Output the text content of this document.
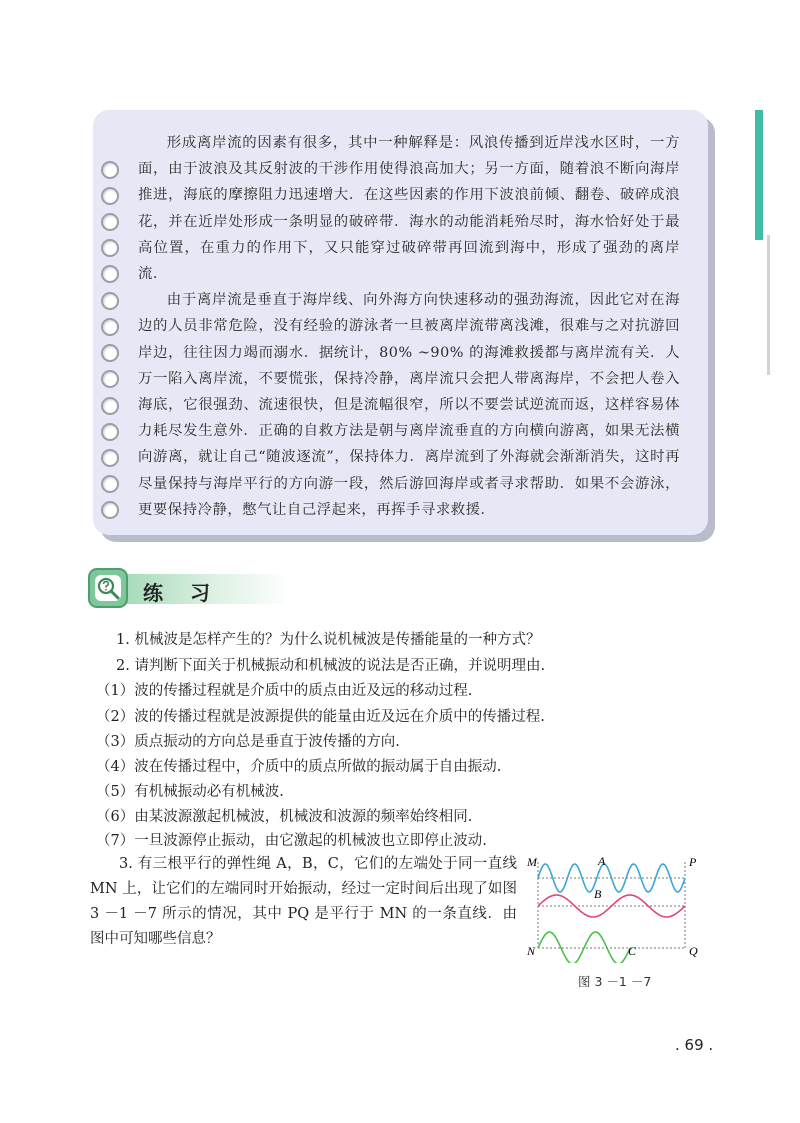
形成离岸流的因素有很多，其中一种解释是：风浪传播到近岸浅水区时，一方面，由于波浪及其反射波的干涉作用使得浪高加大；另一方面，随着浪不断向海岸推进，海底的摩擦阻力迅速增大．在这些因素的作用下波浪前倾、翻卷、破碎成浪花，并在近岸处形成一条明显的破碎带．海水的动能消耗殆尽时，海水恰好处于最高位置，在重力的作用下，又只能穿过破碎带再回流到海中，形成了强劲的离岸流．

由于离岸流是垂直于海岸线、向外海方向快速移动的强劲海流，因此它对在海边的人员非常危险，没有经验的游泳者一旦被离岸流带离浅滩，很难与之对抗游回岸边，往往因力竭而溺水．据统计，80% ~90% 的海滩救援都与离岸流有关．人万一陷入离岸流，不要慌张，保持冷静，离岸流只会把人带离海岸，不会把人卷入海底，它很强劲、流速很快，但是流幅很窄，所以不要尝试逆流而返，这样容易体力耗尽发生意外．正确的自救方法是朝与离岸流垂直的方向横向游离，如果无法横向游离，就让自己“随波逐流”，保持体力．离岸流到了外海就会渐渐消失，这时再尽量保持与海岸平行的方向游一段，然后游回海岸或者寻求帮助．如果不会游泳，更要保持冷静，憋气让自己浮起来，再挥手寻求救援．

练 习
1. 机械波是怎样产生的？为什么说机械波是传播能量的一种方式？
2. 请判断下面关于机械振动和机械波的说法是否正确，并说明理由.
（1）波的传播过程就是介质中的质点由近及远的移动过程.
（2）波的传播过程就是波源提供的能量由近及远在介质中的传播过程.
（3）质点振动的方向总是垂直于波传播的方向.
（4）波在传播过程中，介质中的质点所做的振动属于自由振动.
（5）有机械振动必有机械波.
（6）由某波源激起机械波，机械波和波源的频率始终相同.
（7）一旦波源停止振动，由它激起的机械波也立即停止波动.

3. 有三根平行的弹性绳 A，B，C，它们的左端处于同一直线 MN 上，让它们的左端同时开始振动，经过一定时间后出现了如图 3 －1 －7 所示的情况，其中 PQ 是平行于 MN 的一条直线．由图中可知哪些信息？

M
N
P
Q
A
B
C
图 3 －1 －7
. 69 .
